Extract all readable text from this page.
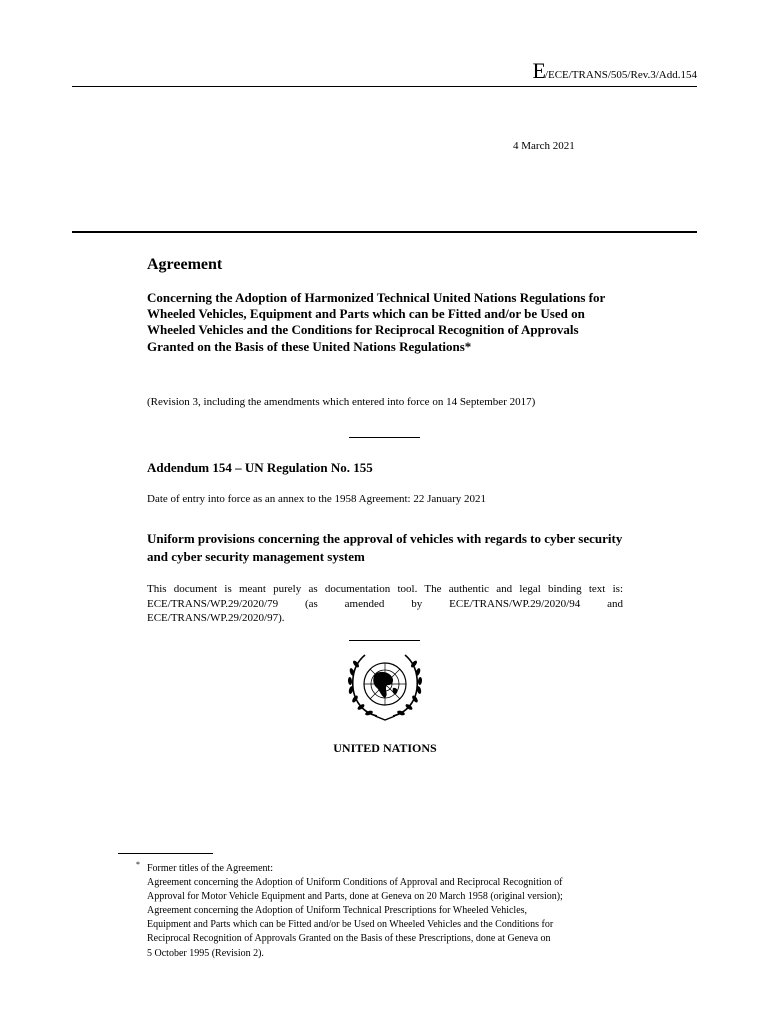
E/ECE/TRANS/505/Rev.3/Add.154
4 March 2021
Agreement
Concerning the Adoption of Harmonized Technical United Nations Regulations for Wheeled Vehicles, Equipment and Parts which can be Fitted and/or be Used on Wheeled Vehicles and the Conditions for Reciprocal Recognition of Approvals Granted on the Basis of these United Nations Regulations*
(Revision 3, including the amendments which entered into force on 14 September 2017)
Addendum 154 – UN Regulation No. 155
Date of entry into force as an annex to the 1958 Agreement: 22 January 2021
Uniform provisions concerning the approval of vehicles with regards to cyber security and cyber security management system
This document is meant purely as documentation tool. The authentic and legal binding text is: ECE/TRANS/WP.29/2020/79 (as amended by ECE/TRANS/WP.29/2020/94 and ECE/TRANS/WP.29/2020/97).
UNITED NATIONS
* Former titles of the Agreement:
Agreement concerning the Adoption of Uniform Conditions of Approval and Reciprocal Recognition of
Approval for Motor Vehicle Equipment and Parts, done at Geneva on 20 March 1958 (original version);
Agreement concerning the Adoption of Uniform Technical Prescriptions for Wheeled Vehicles,
Equipment and Parts which can be Fitted and/or be Used on Wheeled Vehicles and the Conditions for
Reciprocal Recognition of Approvals Granted on the Basis of these Prescriptions, done at Geneva on
5 October 1995 (Revision 2).
